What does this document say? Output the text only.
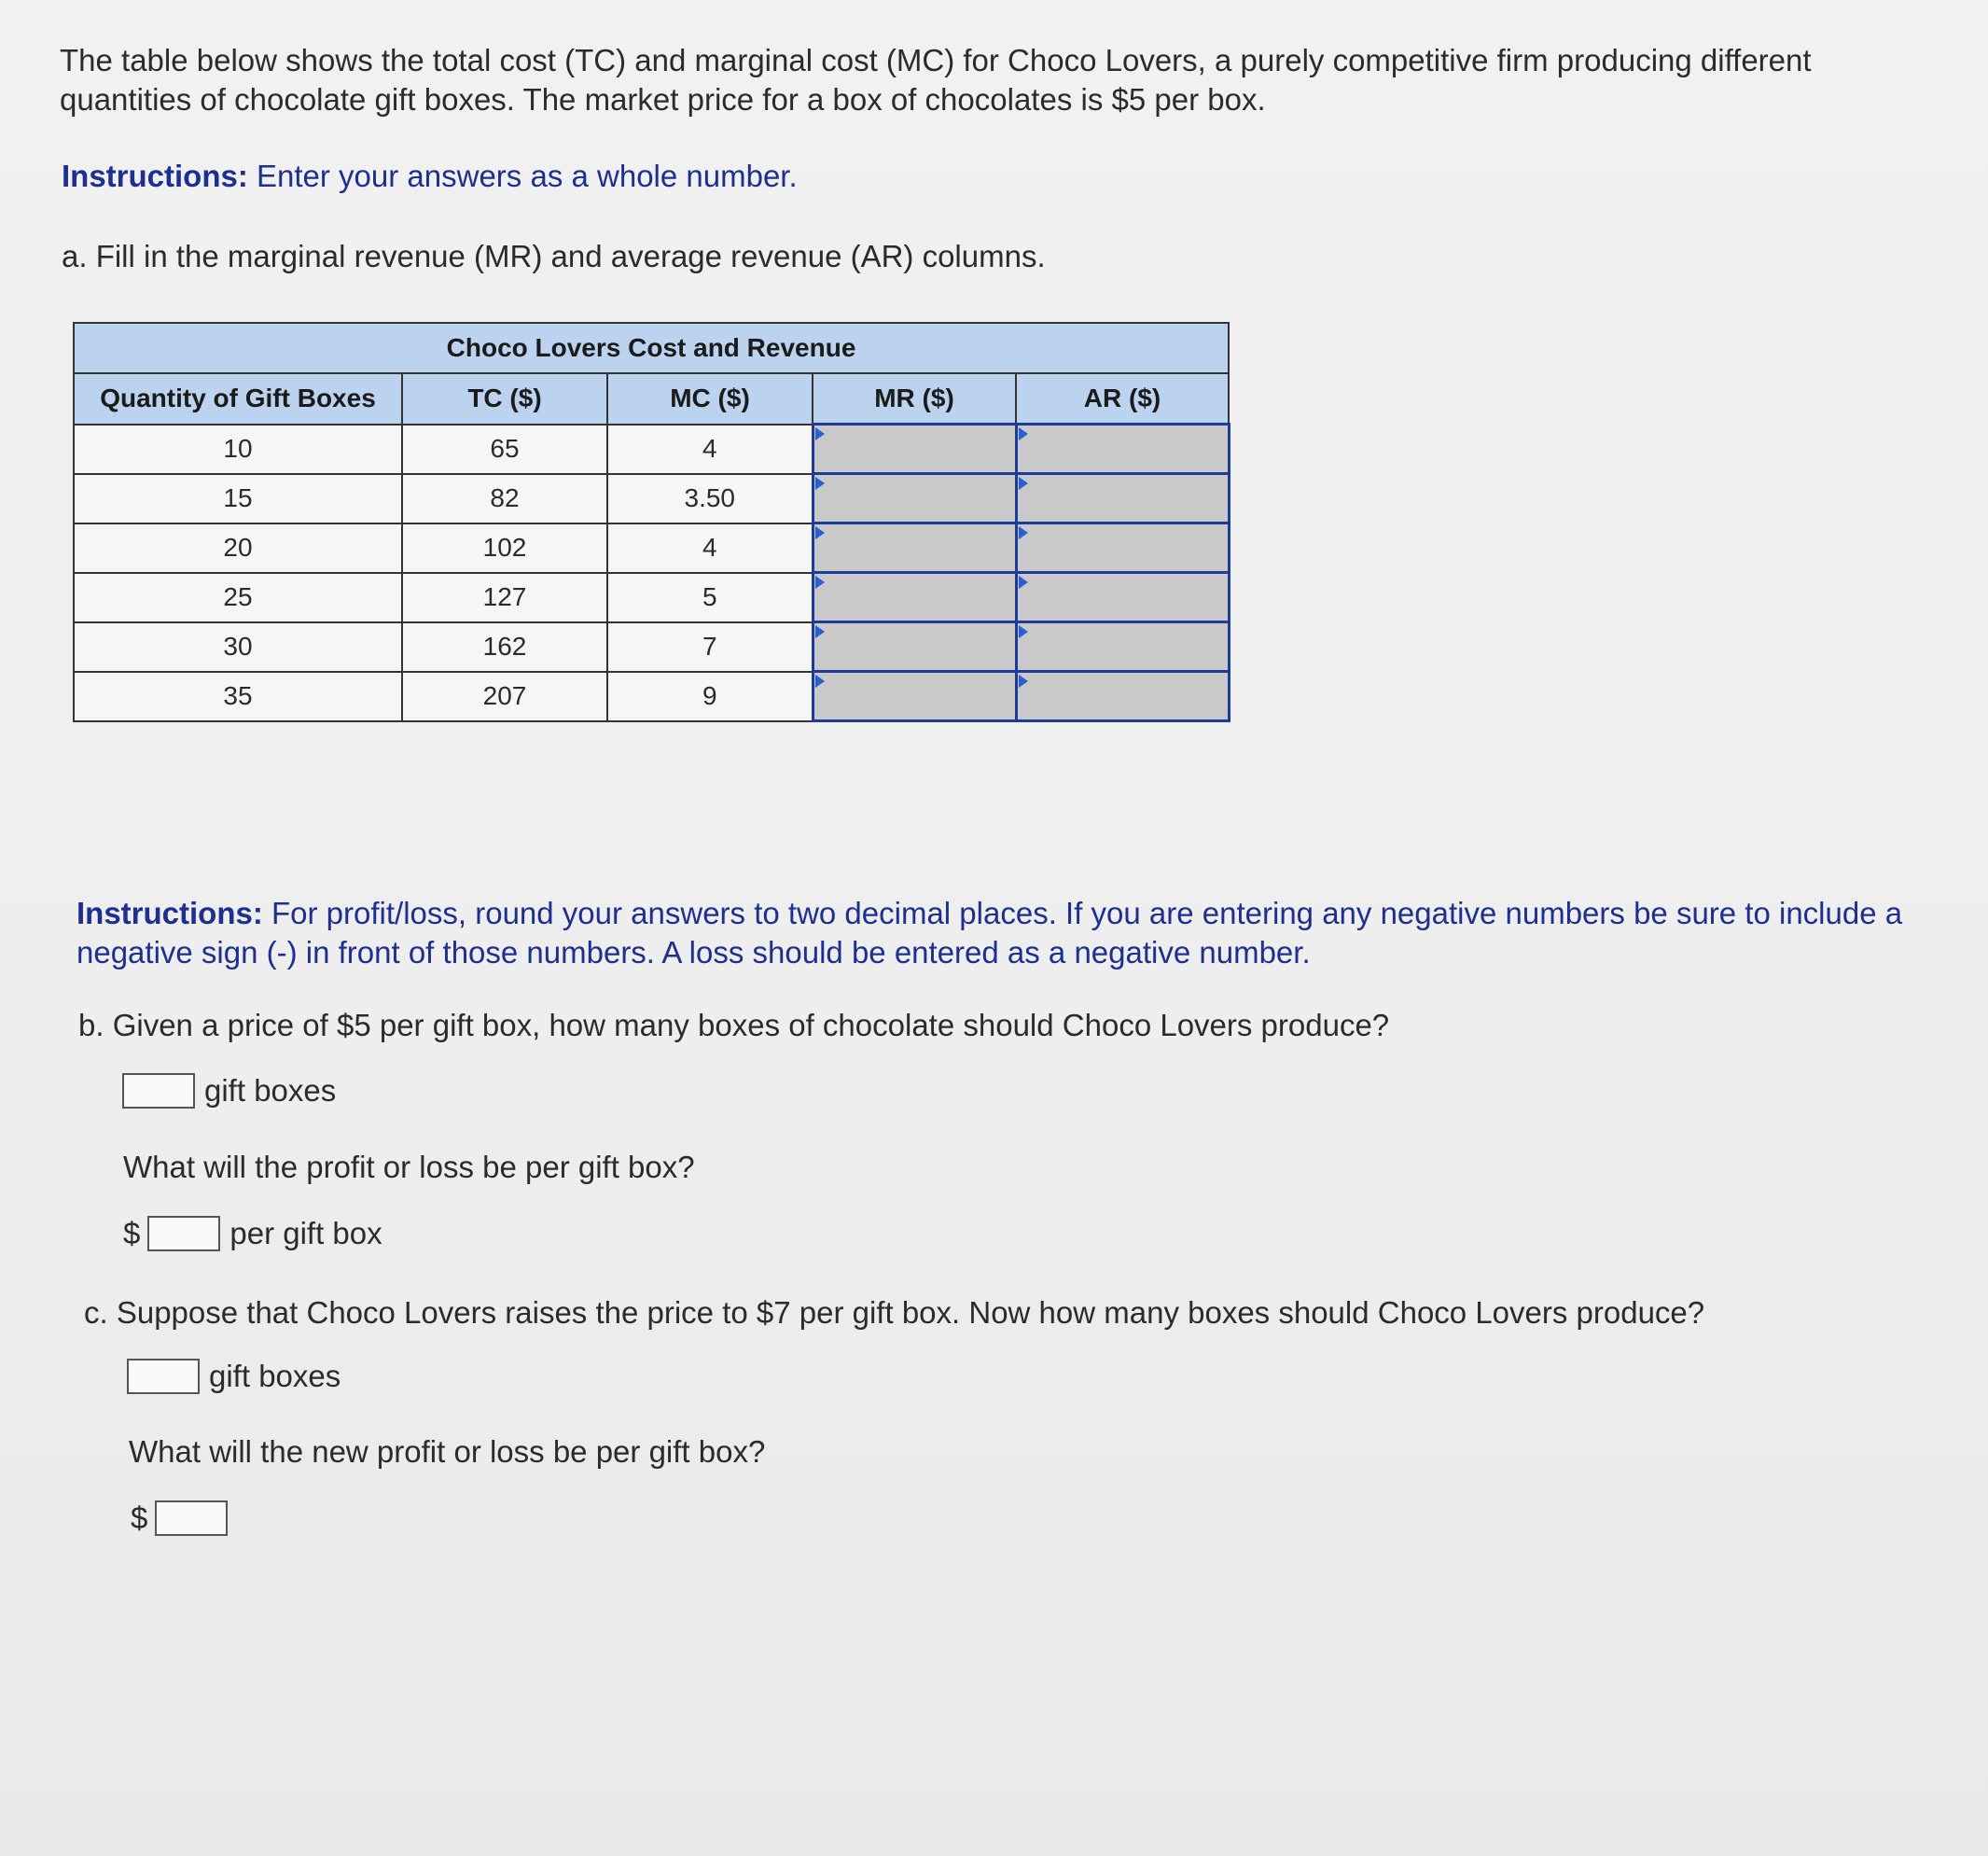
The table below shows the total cost (TC) and marginal cost (MC) for Choco Lovers, a purely competitive firm producing different quantities of chocolate gift boxes. The market price for a box of chocolates is $5 per box.

Instructions: Enter your answers as a whole number.

a. Fill in the marginal revenue (MR) and average revenue (AR) columns.

Choco Lovers Cost and Revenue				
Quantity of Gift Boxes	TC ($)	MC ($)	MR ($)	AR ($)
10	65	4	

15	82	3.50	

20	102	4	

25	127	5	

30	162	7	

35	207	9	

Instructions: For profit/loss, round your answers to two decimal places. If you are entering any negative numbers be sure to include a negative sign (-) in front of those numbers. A loss should be entered as a negative number.

b. Given a price of $5 per gift box, how many boxes of chocolate should Choco Lovers produce?

gift boxes

What will the profit or loss be per gift box?

$	per gift box

c. Suppose that Choco Lovers raises the price to $7 per gift box. Now how many boxes should Choco Lovers produce?

gift boxes

What will the new profit or loss be per gift box?

$
